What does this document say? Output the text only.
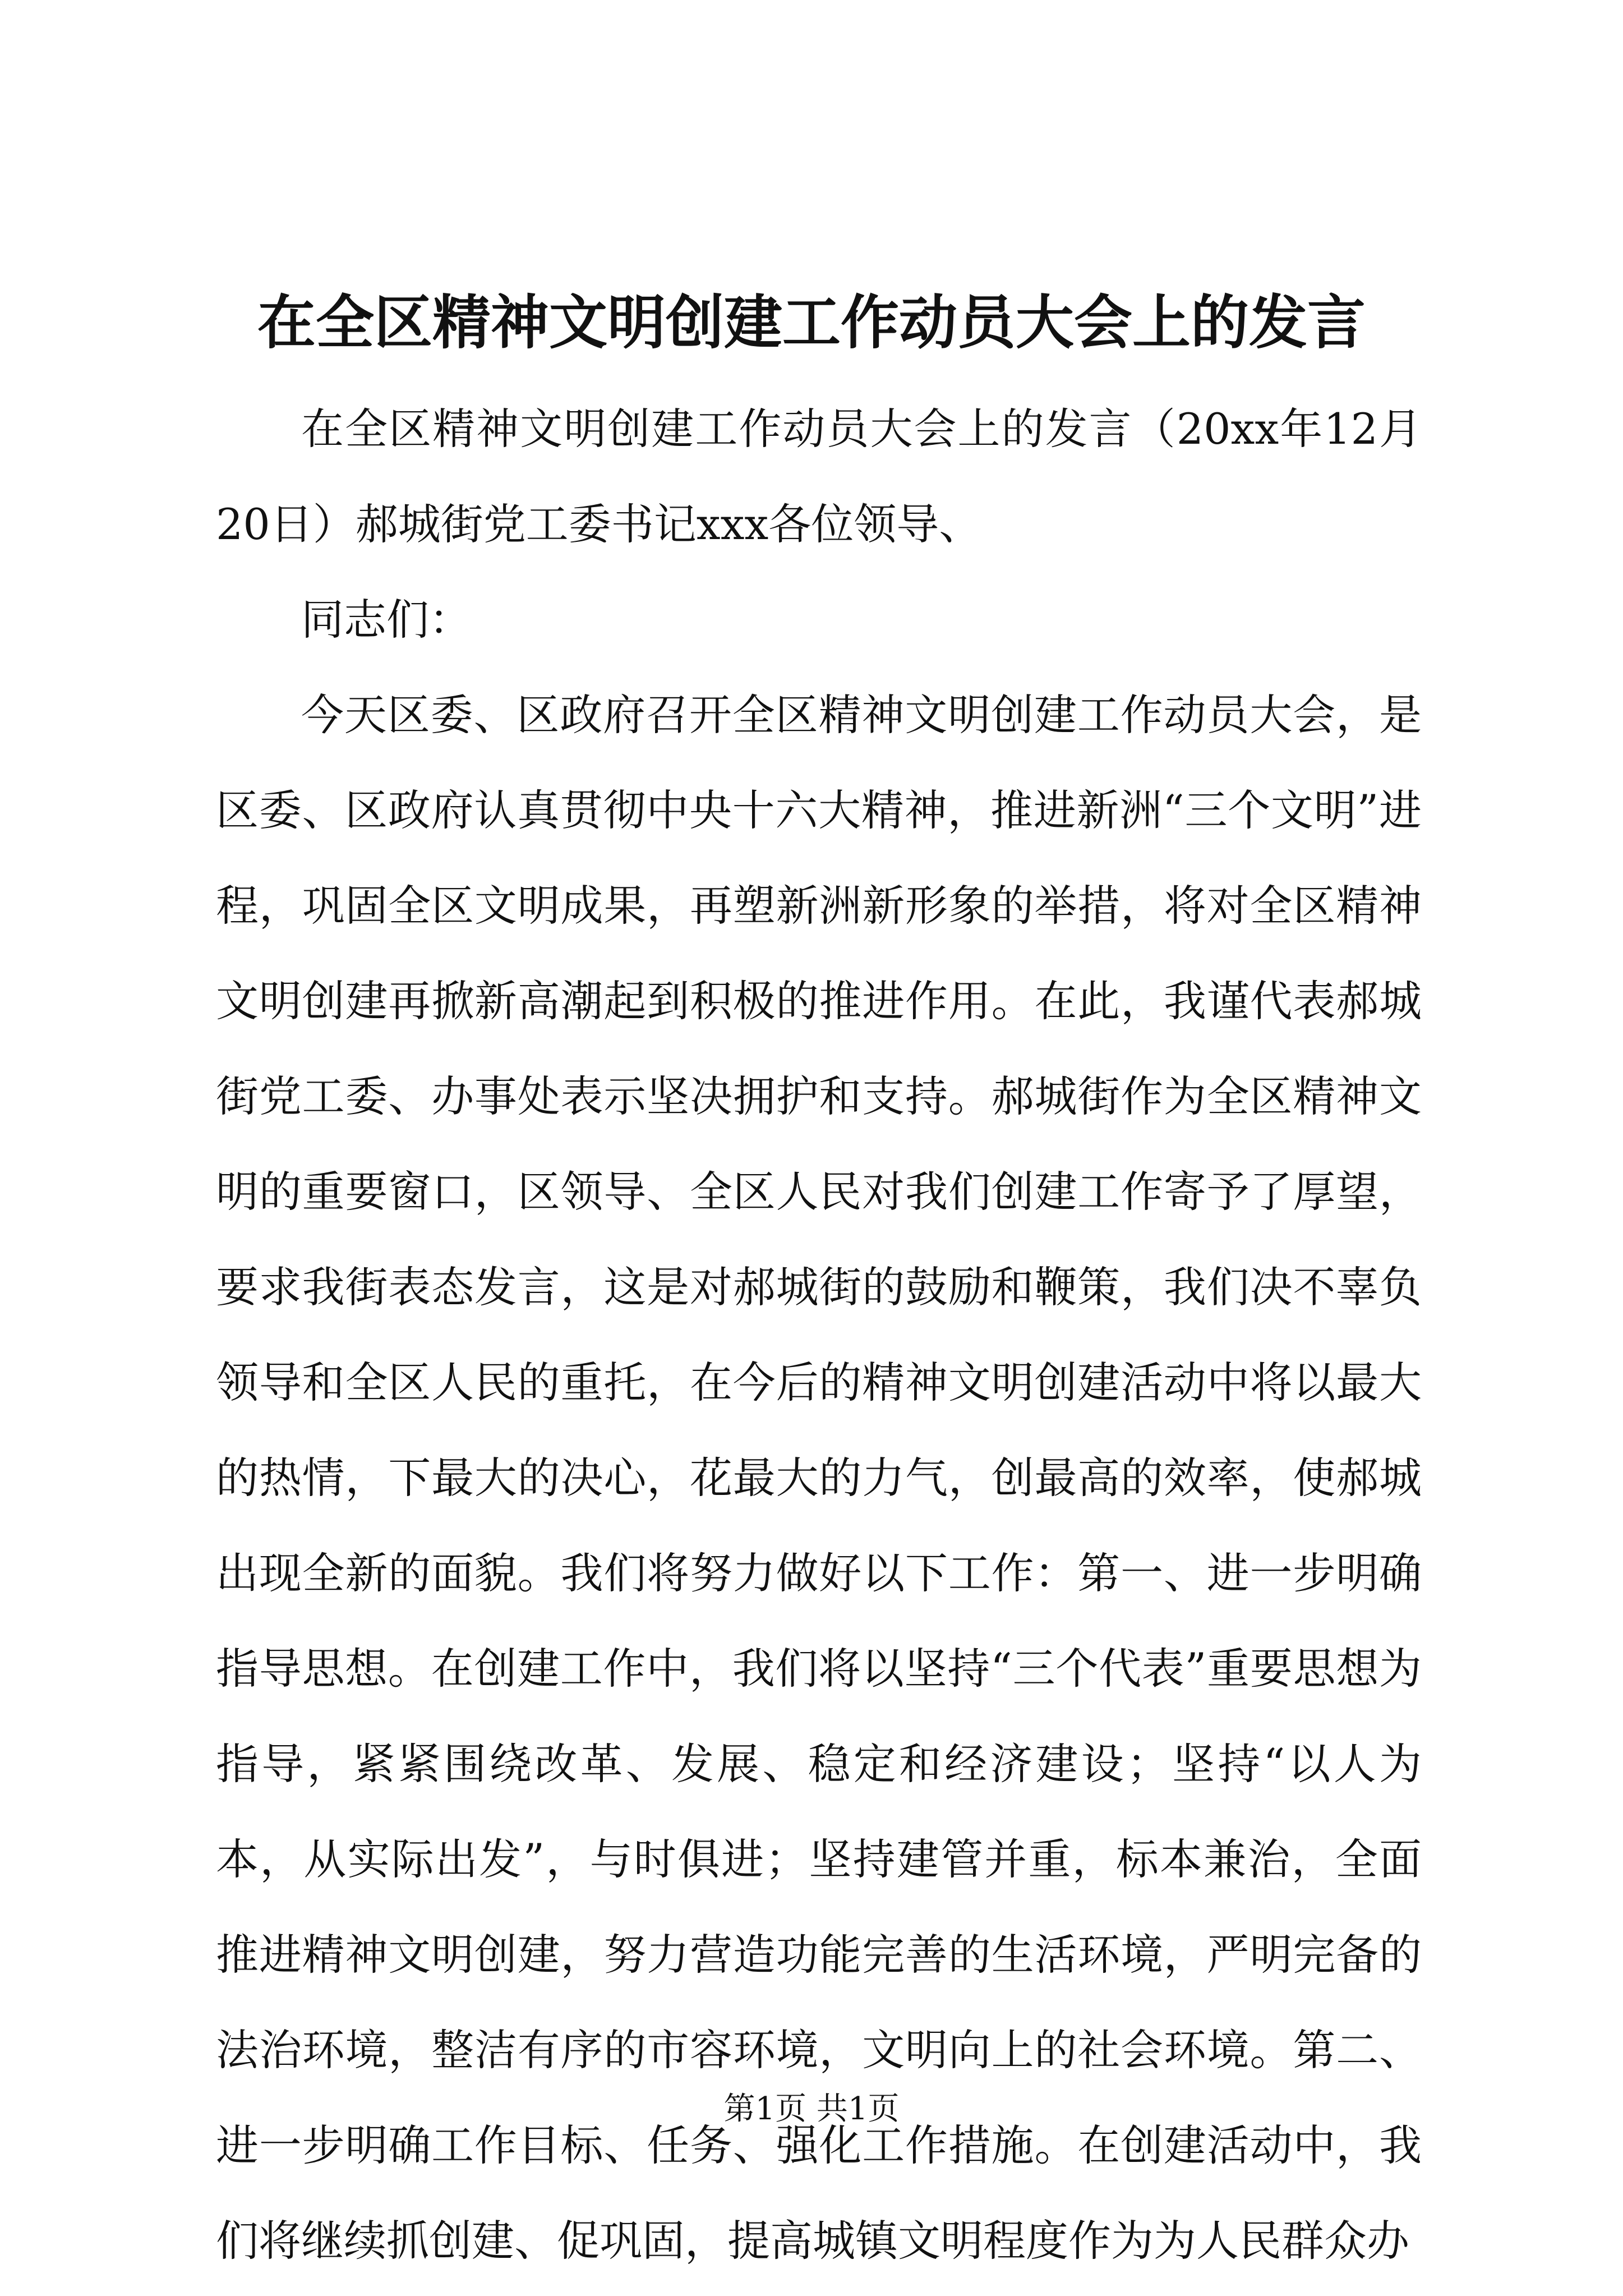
在全区精神文明创建工作动员大会上的发言

在全区精神文明创建工作动员大会上的发言（20xx年12月20日）郝城街党工委书记xxx各位领导、

同志们：

今天区委、区政府召开全区精神文明创建工作动员大会，是区委、区政府认真贯彻中央十六大精神，推进新洲“三个文明”进程，巩固全区文明成果，再塑新洲新形象的举措，将对全区精神文明创建再掀新高潮起到积极的推进作用。在此，我谨代表郝城街党工委、办事处表示坚决拥护和支持。郝城街作为全区精神文明的重要窗口，区领导、全区人民对我们创建工作寄予了厚望，要求我街表态发言，这是对郝城街的鼓励和鞭策，我们决不辜负领导和全区人民的重托，在今后的精神文明创建活动中将以最大的热情，下最大的决心，花最大的力气，创最高的效率，使郝城出现全新的面貌。我们将努力做好以下工作：第一、进一步明确指导思想。在创建工作中，我们将以坚持“三个代表”重要思想为指导，紧紧围绕改革、发展、稳定和经济建设；坚持“以人为本，从实际出发”，与时俱进；坚持建管并重，标本兼治，全面推进精神文明创建，努力营造功能完善的生活环境，严明完备的法治环境，整洁有序的市容环境，文明向上的社会环境。第二、进一步明确工作目标、任务、强化工作措施。在创建活动中，我们将继续抓创建、促巩固，提高城镇文明程度作为为人民群众办

第1页 共1页
